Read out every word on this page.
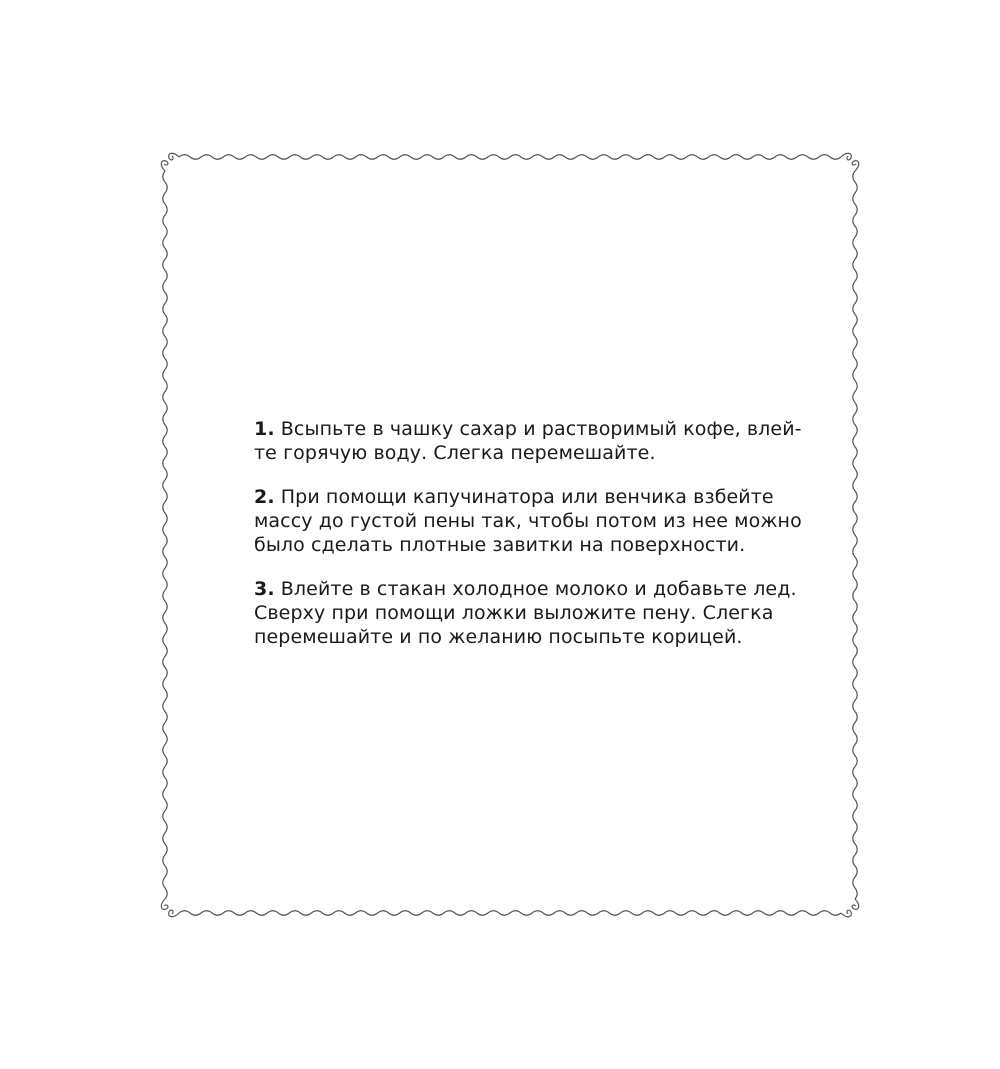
1. Всыпьте в чашку сахар и растворимый кофе, влей-
те горячую воду. Слегка перемешайте.

2. При помощи капучинатора или венчика взбейте
массу до густой пены так, чтобы потом из нее можно
было сделать плотные завитки на поверхности.

3. Влейте в стакан холодное молоко и добавьте лед.
Сверху при помощи ложки выложите пену. Слегка
перемешайте и по желанию посыпьте корицей.
